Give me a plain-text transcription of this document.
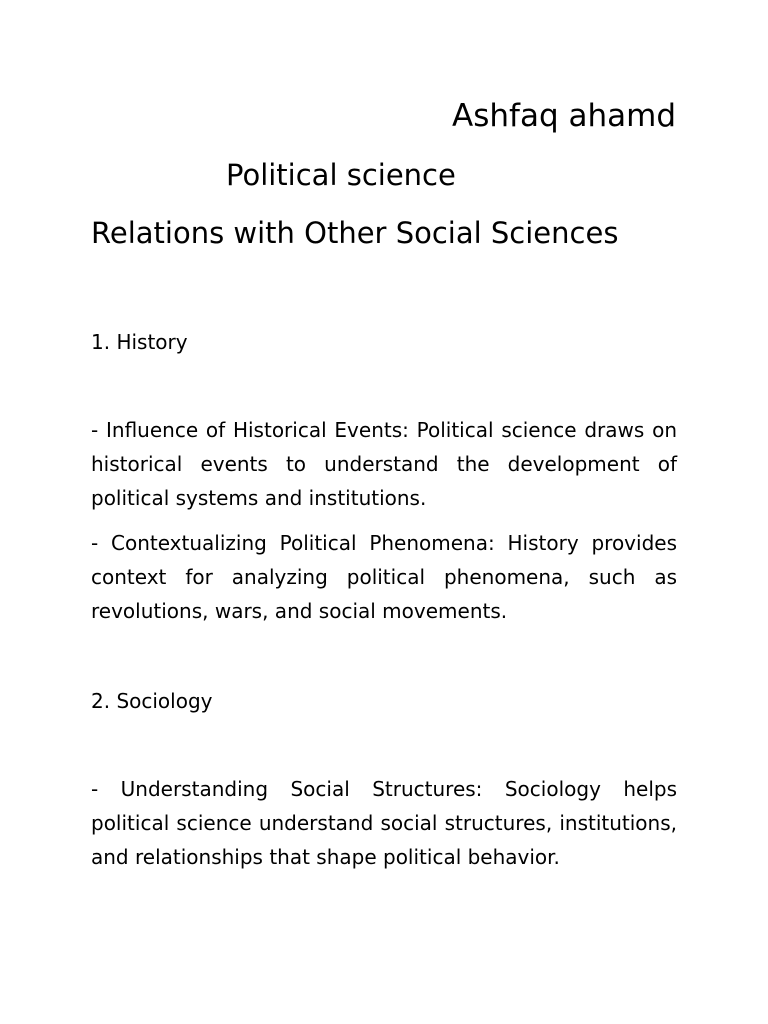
Ashfaq ahamd
Political science
Relations with Other Social Sciences
1. History
- Influence of Historical Events: Political science draws on historical events to understand the development of political systems and institutions.
- Contextualizing Political Phenomena: History provides context for analyzing political phenomena, such as revolutions, wars, and social movements.
2. Sociology
- Understanding Social Structures: Sociology helps political science understand social structures, institutions, and relationships that shape political behavior.
